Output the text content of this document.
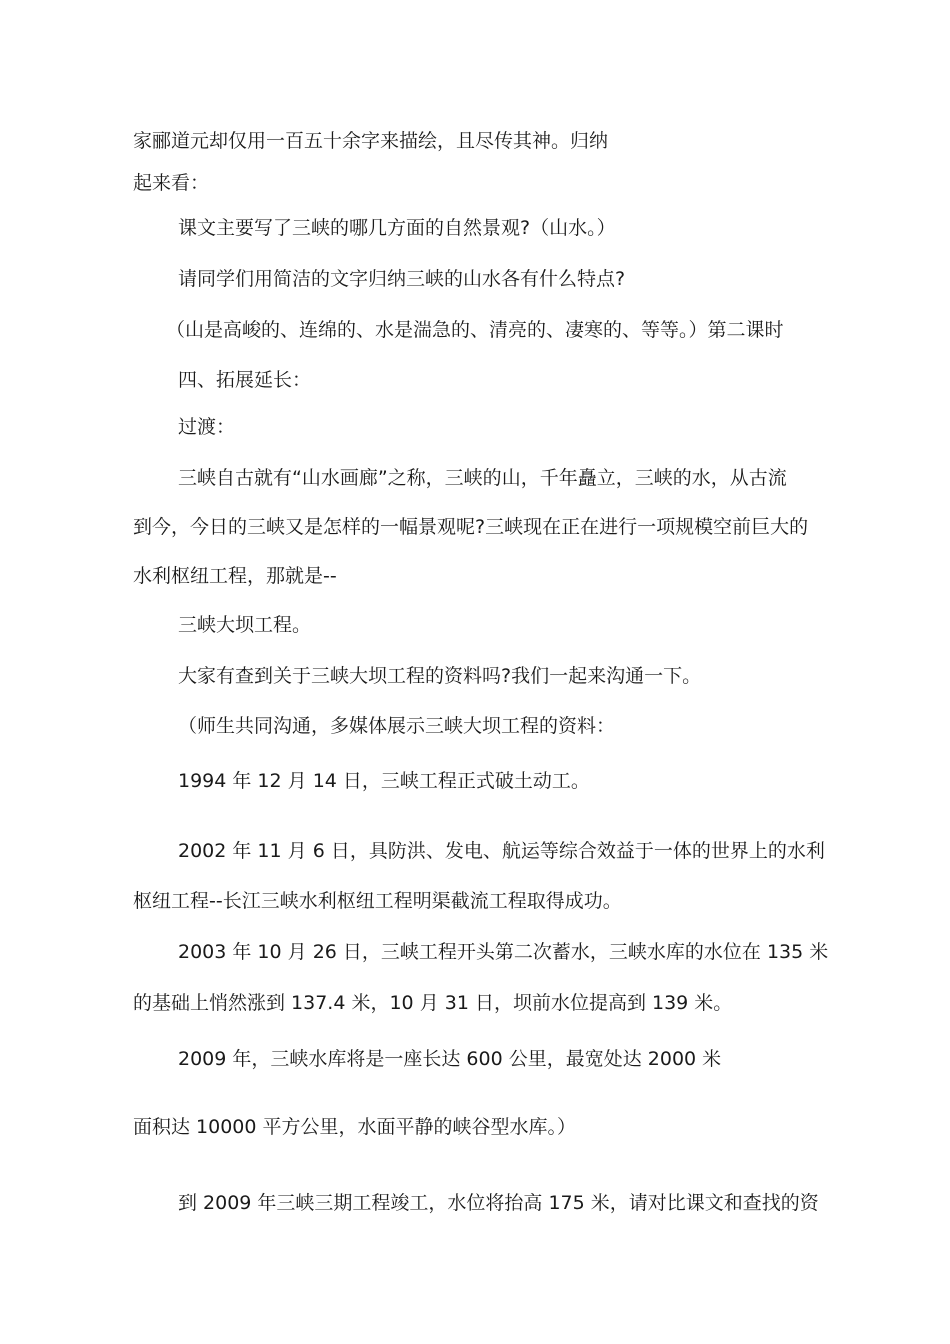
家郦道元却仅用一百五十余字来描绘，且尽传其神。归纳

起来看：

课文主要写了三峡的哪几方面的自然景观?（山水。）

请同学们用简洁的文字归纳三峡的山水各有什么特点?

（山是高峻的、连绵的、水是湍急的、清亮的、凄寒的、等等。）第二课时

四、拓展延长：

过渡：

三峡自古就有“山水画廊”之称，三峡的山，千年矗立，三峡的水，从古流

到今，今日的三峡又是怎样的一幅景观呢?三峡现在正在进行一项规模空前巨大的

水利枢纽工程，那就是--

三峡大坝工程。

大家有查到关于三峡大坝工程的资料吗?我们一起来沟通一下。

（师生共同沟通，多媒体展示三峡大坝工程的资料：

1994 年 12 月 14 日，三峡工程正式破土动工。

2002 年 11 月 6 日，具防洪、发电、航运等综合效益于一体的世界上的水利

枢纽工程--长江三峡水利枢纽工程明渠截流工程取得成功。

2003 年 10 月 26 日，三峡工程开头第二次蓄水，三峡水库的水位在 135 米

的基础上悄然涨到 137.4 米，10 月 31 日，坝前水位提高到 139 米。

2009 年，三峡水库将是一座长达 600 公里，最宽处达 2000 米

面积达 10000 平方公里，水面平静的峡谷型水库。）

到 2009 年三峡三期工程竣工，水位将抬高 175 米，请对比课文和查找的资
